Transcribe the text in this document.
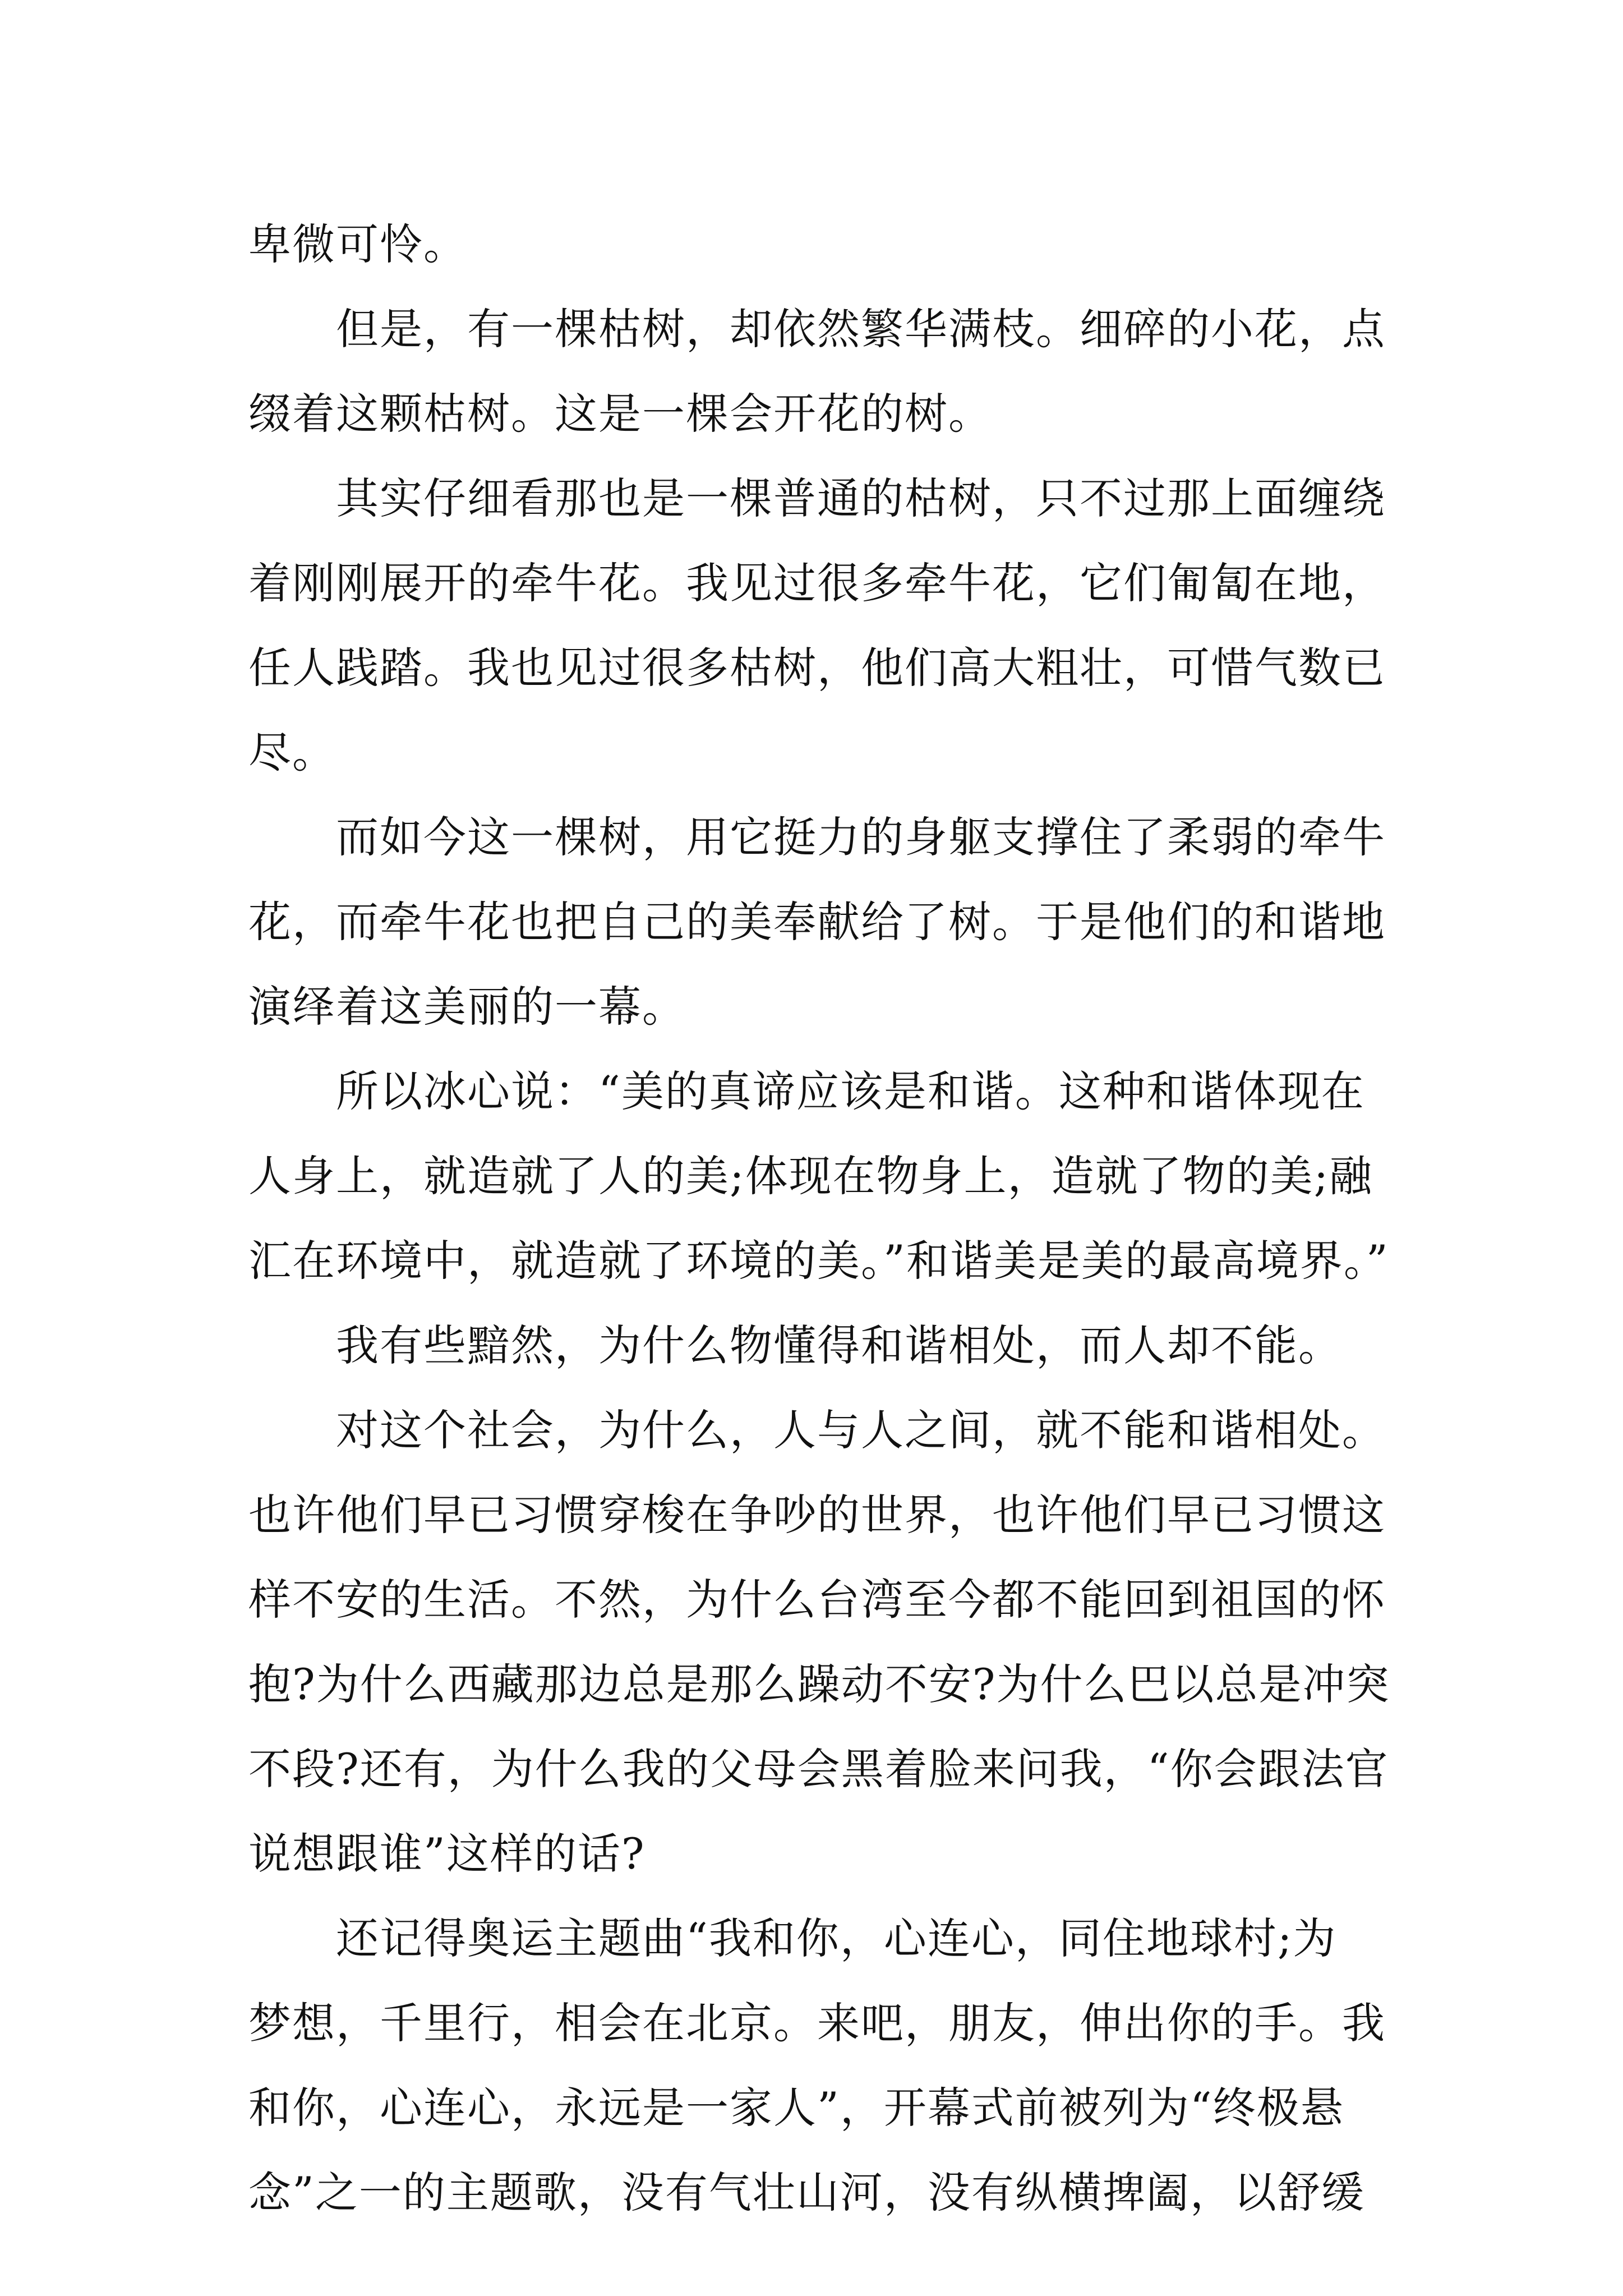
卑微可怜。
但是，有一棵枯树，却依然繁华满枝。细碎的小花，点
缀着这颗枯树。这是一棵会开花的树。
其实仔细看那也是一棵普通的枯树，只不过那上面缠绕
着刚刚展开的牵牛花。我见过很多牵牛花，它们匍匐在地，
任人践踏。我也见过很多枯树，他们高大粗壮，可惜气数已
尽。
而如今这一棵树，用它挺力的身躯支撑住了柔弱的牵牛
花，而牵牛花也把自己的美奉献给了树。于是他们的和谐地
演绎着这美丽的一幕。
所以冰心说：“美的真谛应该是和谐。这种和谐体现在
人身上，就造就了人的美;体现在物身上，造就了物的美;融
汇在环境中，就造就了环境的美。”和谐美是美的最高境界。”
我有些黯然，为什么物懂得和谐相处，而人却不能。
对这个社会，为什么，人与人之间，就不能和谐相处。
也许他们早已习惯穿梭在争吵的世界，也许他们早已习惯这
样不安的生活。不然，为什么台湾至今都不能回到祖国的怀
抱?为什么西藏那边总是那么躁动不安?为什么巴以总是冲突
不段?还有，为什么我的父母会黑着脸来问我，“你会跟法官
说想跟谁”这样的话?
还记得奥运主题曲“我和你，心连心，同住地球村;为
梦想，千里行，相会在北京。来吧，朋友，伸出你的手。我
和你，心连心，永远是一家人”，开幕式前被列为“终极悬
念”之一的主题歌，没有气壮山河，没有纵横捭阖，以舒缓
